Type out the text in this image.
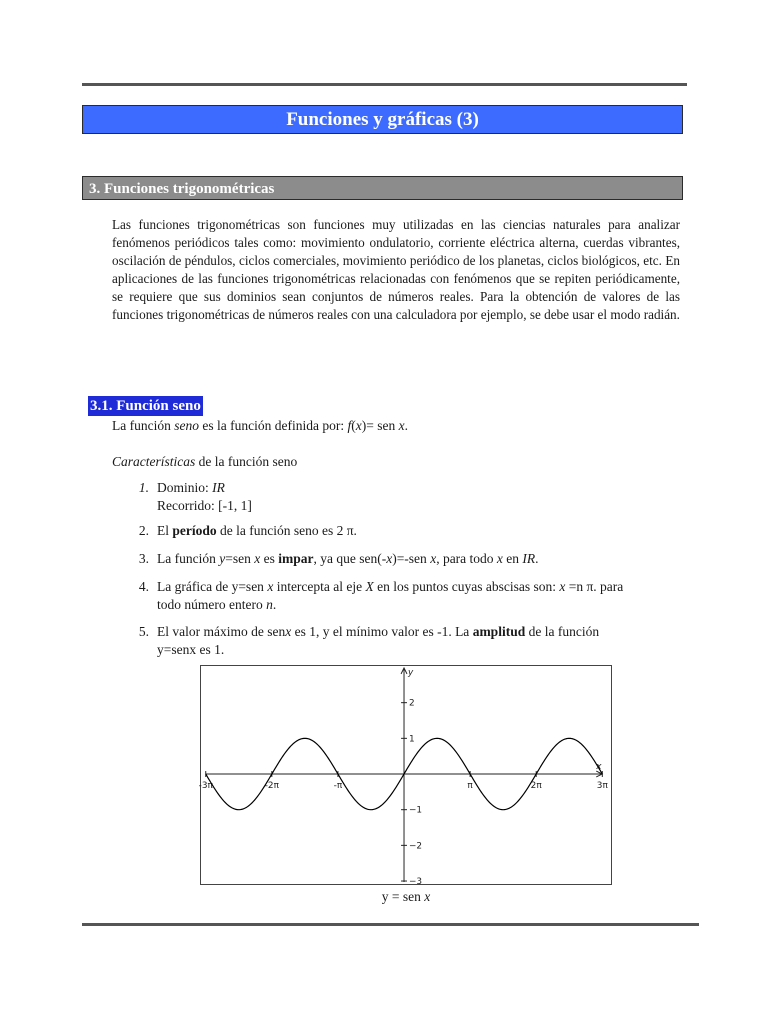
Funciones y gráficas (3)
3. Funciones trigonométricas

Las funciones trigonométricas son funciones muy utilizadas en las ciencias naturales para analizar fenómenos periódicos tales como: movimiento ondulatorio, corriente eléctrica alterna, cuerdas vibrantes, oscilación de péndulos, ciclos comerciales, movimiento periódico de los planetas, ciclos biológicos, etc. En aplicaciones de las funciones trigonométricas relacionadas con fenómenos que se repiten periódicamente, se requiere que sus dominios sean conjuntos de números reales. Para la obtención de valores de las funciones trigonométricas de números reales con una calculadora por ejemplo, se debe usar el modo radián.

3.1. Función seno
La función seno es la función definida por: f(x)= sen x.
Características de la función seno
1. Dominio: IR
Recorrido: [-1, 1]
2. El período de la función seno es 2 π.
3. La función y=sen x es impar, ya que sen(-x)=-sen x, para todo x en IR.
4. La gráfica de y=sen x intercepta al eje X en los puntos cuyas abscisas son: x =n π. para
todo número entero n.
5. El valor máximo de senx es 1, y el mínimo valor es -1. La amplitud de la función
y=senx es 1.
x
y
-3π	-2π	-π	π	2π	3π
2
1
−1
−2
−3
y = sen x
